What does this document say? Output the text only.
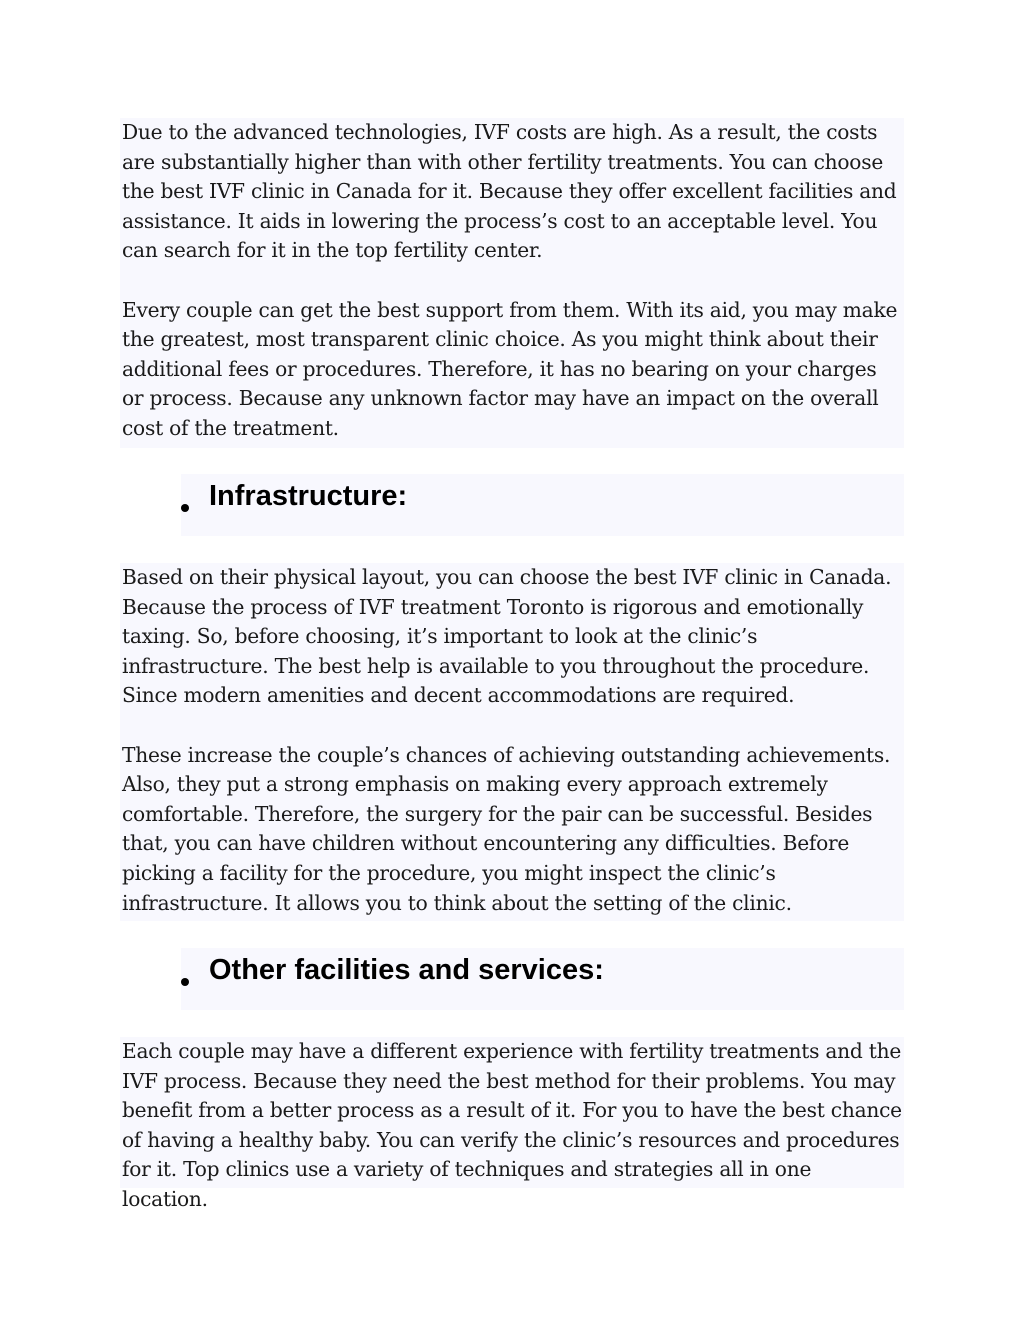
Due to the advanced technologies, IVF costs are high. As a result, the costs are substantially higher than with other fertility treatments. You can choose the best IVF clinic in Canada for it. Because they offer excellent facilities and assistance. It aids in lowering the process’s cost to an acceptable level. You can search for it in the top fertility center.

Every couple can get the best support from them. With its aid, you may make the greatest, most transparent clinic choice. As you might think about their additional fees or procedures. Therefore, it has no bearing on your charges or process. Because any unknown factor may have an impact on the overall cost of the treatment.

Infrastructure:

Based on their physical layout, you can choose the best IVF clinic in Canada. Because the process of IVF treatment Toronto is rigorous and emotionally taxing. So, before choosing, it’s important to look at the clinic’s infrastructure. The best help is available to you throughout the procedure. Since modern amenities and decent accommodations are required.

These increase the couple’s chances of achieving outstanding achievements. Also, they put a strong emphasis on making every approach extremely comfortable. Therefore, the surgery for the pair can be successful. Besides that, you can have children without encountering any difficulties. Before picking a facility for the procedure, you might inspect the clinic’s infrastructure. It allows you to think about the setting of the clinic.

Other facilities and services:

Each couple may have a different experience with fertility treatments and the IVF process. Because they need the best method for their problems. You may benefit from a better process as a result of it. For you to have the best chance of having a healthy baby. You can verify the clinic’s resources and procedures for it. Top clinics use a variety of techniques and strategies all in one location.
